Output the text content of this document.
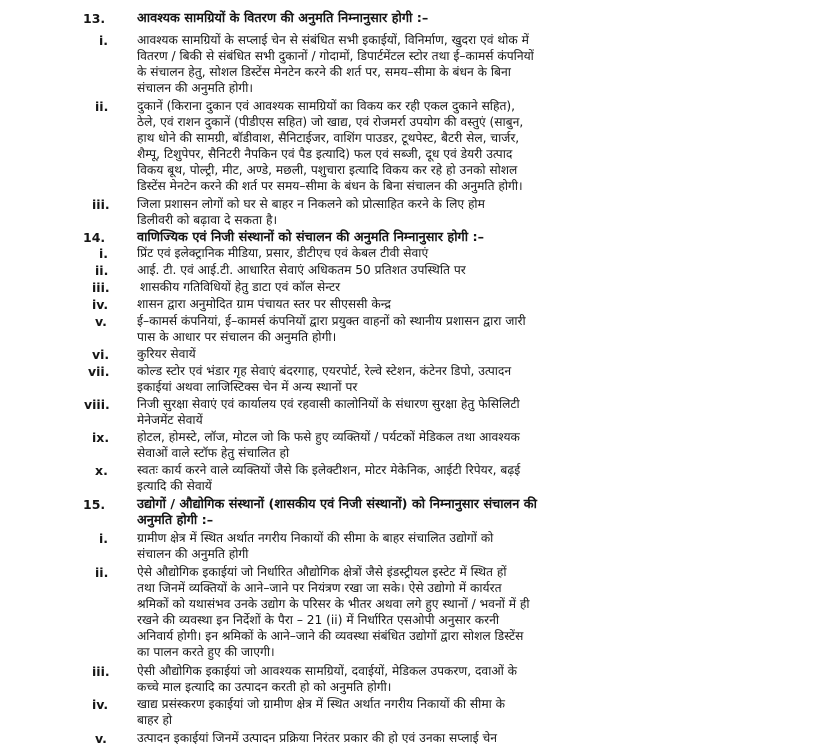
13. आवश्यक सामग्रियों के वितरण की अनुमति निम्नानुसार होगी :–
i. आवश्यक सामग्रियों के सप्लाई चेन से संबंधित सभी इकाईयों, विनिर्माण, खुदरा एवं थोक में
वितरण / बिकी से संबंधित सभी दुकानों / गोदामों, डिपार्टमेंटल स्टोर तथा ई–कामर्स कंपनियों
के संचालन हेतु, सोशल डिस्टेंस मेनटेन करने की शर्त पर, समय–सीमा के बंधन के बिना
संचालन की अनुमति होगी।
ii. दुकानें (किराना दुकान एवं आवश्यक सामग्रियों का विकय कर रही एकल दुकाने सहित),
ठेले, एवं राशन दुकानें (पीडीएस सहित) जो खाद्य, एवं रोजमर्रा उपयोग की वस्तुएं (साबुन,
हाथ धोने की सामग्री, बॉडीवाश, सैनिटाईजर, वाशिंग पाउडर, टूथपेस्ट, बैटरी सेल, चार्जर,
शैम्पू, टिशुपेपर, सैनिटरी नैपकिन एवं पैड इत्यादि) फल एवं सब्जी, दूध एवं डेयरी उत्पाद
विकय बूथ, पोल्ट्री, मीट, अण्डे, मछली, पशुचारा इत्यादि विकय कर रहे हो उनको सोशल
डिस्टेंस मेनटेन करने की शर्त पर समय–सीमा के बंधन के बिना संचालन की अनुमति होगी।
iii. जिला प्रशासन लोगों को घर से बाहर न निकलने को प्रोत्साहित करने के लिए होम
डिलीवरी को बढ़ावा दे सकता है।
14. वाणिज्यिक एवं निजी संस्थानों को संचालन की अनुमति निम्नानुसार होगी :–
i. प्रिंट एवं इलेक्ट्रानिक मीडिया, प्रसार, डीटीएच एवं केबल टीवी सेवाएं
ii. आई. टी. एवं आई.टी. आधारित सेवाएं अधिकतम 50 प्रतिशत उपस्थिति पर
iii. शासकीय गतिविधियों हेतु डाटा एवं कॉल सेन्टर
iv. शासन द्वारा अनुमोदित ग्राम पंचायत स्तर पर सीएससी केन्द्र
v. ई–कामर्स कंपनियां, ई–कामर्स कंपनियों द्वारा प्रयुक्त वाहनों को स्थानीय प्रशासन द्वारा जारी
पास के आधार पर संचालन की अनुमति होगी।
vi. कुरियर सेवायें
vii. कोल्ड स्टोर एवं भंडार गृह सेवाएं बंदरगाह, एयरपोर्ट, रेल्वे स्टेशन, कंटेनर डिपो, उत्पादन
इकाईयां अथवा लाजिस्टिक्स चेन में अन्य स्थानों पर
viii. निजी सुरक्षा सेवाएं एवं कार्यालय एवं रहवासी कालोनियों के संधारण सुरक्षा हेतु फेसिलिटी
मेनेजमेंट सेवायें
ix. होटल, होमस्टे, लॉज, मोटल जो कि फसे हुए व्यक्तियों / पर्यटकों मेडिकल तथा आवश्यक
सेवाओं वाले स्टॉफ हेतु संचालित हो
x. स्वतः कार्य करने वाले व्यक्तियों जैसे कि इलेक्टीशन, मोटर मेकेनिक, आईटी रिपेयर, बढ़ई
इत्यादि की सेवायें
15. उद्योगों / औद्योगिक संस्थानों (शासकीय एवं निजी संस्थानों) को निम्नानुसार संचालन की
अनुमति होगी :–
i. ग्रामीण क्षेत्र में स्थित अर्थात नगरीय निकायों की सीमा के बाहर संचालित उद्योगों को
संचालन की अनुमति होगी
ii. ऐसे औद्योगिक इकाईयां जो निर्धारित औद्योगिक क्षेत्रों जैसे इंडस्ट्रीयल इस्टेट में स्थित हों
तथा जिनमें व्यक्तियों के आने–जाने पर नियंत्रण रखा जा सके। ऐसे उद्योगो में कार्यरत
श्रमिकों को यथासंभव उनके उद्योग के परिसर के भीतर अथवा लगे हुए स्थानों / भवनों में ही
रखने की व्यवस्था इन निर्देशों के पैरा – 21 (ii) में निर्धारित एसओपी अनुसार करनी
अनिवार्य होगी। इन श्रमिकों के आने–जाने की व्यवस्था संबंधित उद्योगों द्वारा सोशल डिस्टेंस
का पालन करते हुए की जाएगी।
iii. ऐसी औद्योगिक इकाईयां जो आवश्यक सामग्रियों, दवाईयों, मेडिकल उपकरण, दवाओं के
कच्चे माल इत्यादि का उत्पादन करती हो को अनुमति होगी।
iv. खाद्य प्रसंस्करण इकाईयां जो ग्रामीण क्षेत्र में स्थित अर्थात नगरीय निकायों की सीमा के
बाहर हो
v. उत्पादन इकाईयां जिनमें उत्पादन प्रक्रिया निरंतर प्रकार की हो एवं उनका सप्लाई चेन
